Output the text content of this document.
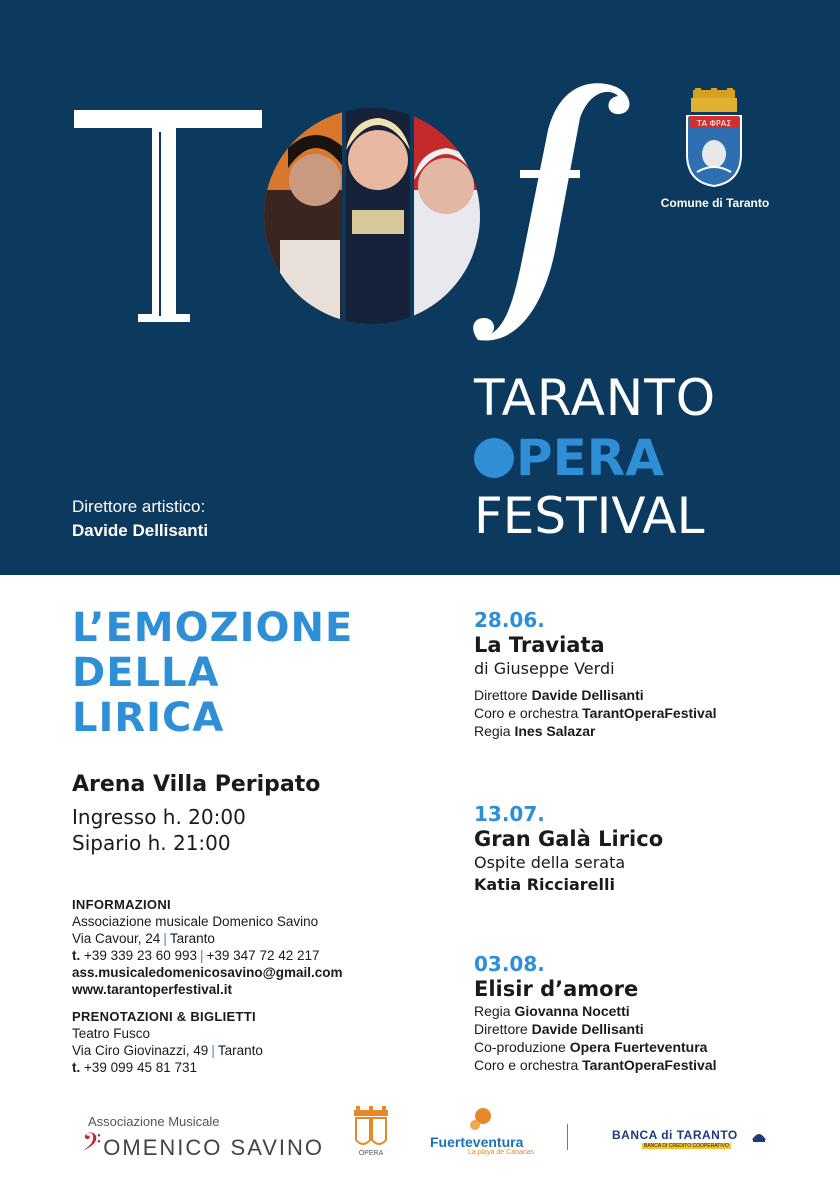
ΤΑ ΦΡΑΣ
Comune di Taranto
TARANTO
PERA
FESTIVAL
Direttore artistico:
Davide Dellisanti
L’EMOZIONE
DELLA
LIRICA
Arena Villa Peripato
Ingresso h. 20:00
Sipario h. 21:00
INFORMAZIONI
Associazione musicale Domenico Savino
Via Cavour, 24 | Taranto
t. +39 339 23 60 993 | +39 347 72 42 217
ass.musicaledomenicosavino@gmail.com
www.tarantoperfestival.it
PRENOTAZIONI & BIGLIETTI
Teatro Fusco
Via Ciro Giovinazzi, 49 | Taranto
t. +39 099 45 81 731
28.06.
La Traviata
di Giuseppe Verdi
Direttore Davide Dellisanti
Coro e orchestra TarantOperaFestival
Regia Ines Salazar
13.07.
Gran Galà Lirico
Ospite della serata
Katia Ricciarelli
03.08.
Elisir d’amore
Regia Giovanna Nocetti
Direttore Davide Dellisanti
Co-produzione Opera Fuerteventura
Coro e orchestra TarantOperaFestival
Associazione Musicale
𝄢OMENICO SAVINO	ÓPERA
Fuerteventura
La playa de Canarias
BANCA di TARANTO
BANCA DI CREDITO COOPERATIVO
